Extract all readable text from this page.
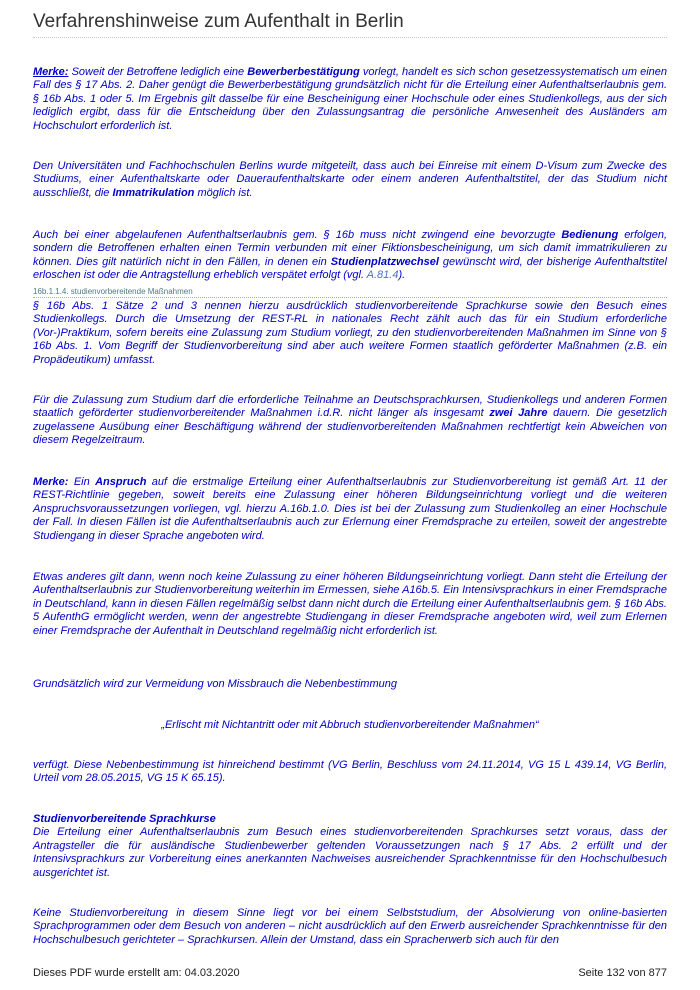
Verfahrenshinweise zum Aufenthalt in Berlin

Merke: Soweit der Betroffene lediglich eine Bewerberbestätigung vorlegt, handelt es sich schon gesetzessystematisch um einen Fall des § 17 Abs. 2. Daher genügt die Bewerberbestätigung grundsätzlich nicht für die Erteilung einer Aufenthaltserlaubnis gem. § 16b Abs. 1 oder 5. Im Ergebnis gilt dasselbe für eine Bescheinigung einer Hochschule oder eines Studienkollegs, aus der sich lediglich ergibt, dass für die Entscheidung über den Zulassungsantrag die persönliche Anwesenheit des Ausländers am Hochschulort erforderlich ist.

Den Universitäten und Fachhochschulen Berlins wurde mitgeteilt, dass auch bei Einreise mit einem D-Visum zum Zwecke des Studiums, einer Aufenthaltskarte oder Daueraufenthaltskarte oder einem anderen Aufenthaltstitel, der das Studium nicht ausschließt, die Immatrikulation möglich ist.

Auch bei einer abgelaufenen Aufenthaltserlaubnis gem. § 16b muss nicht zwingend eine bevorzugte Bedienung erfolgen, sondern die Betroffenen erhalten einen Termin verbunden mit einer Fiktionsbescheinigung, um sich damit immatrikulieren zu können. Dies gilt natürlich nicht in den Fällen, in denen ein Studienplatzwechsel gewünscht wird, der bisherige Aufenthaltstitel erloschen ist oder die Antragstellung erheblich verspätet erfolgt (vgl. A.81.4).

16b.1.1.4. studienvorbereitende Maßnahmen

§ 16b Abs. 1 Sätze 2 und 3 nennen hierzu ausdrücklich studienvorbereitende Sprachkurse sowie den Besuch eines Studienkollegs. Durch die Umsetzung der REST-RL in nationales Recht zählt auch das für ein Studium erforderliche (Vor-)Praktikum, sofern bereits eine Zulassung zum Studium vorliegt, zu den studienvorbereitenden Maßnahmen im Sinne von § 16b Abs. 1. Vom Begriff der Studienvorbereitung sind aber auch weitere Formen staatlich geförderter Maßnahmen (z.B. ein Propädeutikum) umfasst.

Für die Zulassung zum Studium darf die erforderliche Teilnahme an Deutschsprachkursen, Studienkollegs und anderen Formen staatlich geförderter studienvorbereitender Maßnahmen i.d.R. nicht länger als insgesamt zwei Jahre dauern. Die gesetzlich zugelassene Ausübung einer Beschäftigung während der studienvorbereitenden Maßnahmen rechtfertigt kein Abweichen von diesem Regelzeitraum.

Merke: Ein Anspruch auf die erstmalige Erteilung einer Aufenthaltserlaubnis zur Studienvorbereitung ist gemäß Art. 11 der REST-Richtlinie gegeben, soweit bereits eine Zulassung einer höheren Bildungseinrichtung vorliegt und die weiteren Anspruchsvoraussetzungen vorliegen, vgl. hierzu A.16b.1.0. Dies ist bei der Zulassung zum Studienkolleg an einer Hochschule der Fall. In diesen Fällen ist die Aufenthaltserlaubnis auch zur Erlernung einer Fremdsprache zu erteilen, soweit der angestrebte Studiengang in dieser Sprache angeboten wird.

Etwas anderes gilt dann, wenn noch keine Zulassung zu einer höheren Bildungseinrichtung vorliegt. Dann steht die Erteilung der Aufenthaltserlaubnis zur Studienvorbereitung weiterhin im Ermessen, siehe A16b.5. Ein Intensivsprachkurs in einer Fremdsprache in Deutschland, kann in diesen Fällen regelmäßig selbst dann nicht durch die Erteilung einer Aufenthaltserlaubnis gem. § 16b Abs. 5 AufenthG ermöglicht werden, wenn der angestrebte Studiengang in dieser Fremdsprache angeboten wird, weil zum Erlernen einer Fremdsprache der Aufenthalt in Deutschland regelmäßig nicht erforderlich ist.

Grundsätzlich wird zur Vermeidung von Missbrauch die Nebenbestimmung

„Erlischt mit Nichtantritt oder mit Abbruch studienvorbereitender Maßnahmen“

verfügt. Diese Nebenbestimmung ist hinreichend bestimmt (VG Berlin, Beschluss vom 24.11.2014, VG 15 L 439.14, VG Berlin, Urteil vom 28.05.2015, VG 15 K 65.15).

Studienvorbereitende Sprachkurse
Die Erteilung einer Aufenthaltserlaubnis zum Besuch eines studienvorbereitenden Sprachkurses setzt voraus, dass der Antragsteller die für ausländische Studienbewerber geltenden Voraussetzungen nach § 17 Abs. 2 erfüllt und der Intensivsprachkurs zur Vorbereitung eines anerkannten Nachweises ausreichender Sprachkenntnisse für den Hochschulbesuch ausgerichtet ist.

Keine Studienvorbereitung in diesem Sinne liegt vor bei einem Selbststudium, der Absolvierung von online-basierten Sprachprogrammen oder dem Besuch von anderen – nicht ausdrücklich auf den Erwerb ausreichender Sprachkenntnisse für den Hochschulbesuch gerichteter – Sprachkursen. Allein der Umstand, dass ein Spracherwerb sich auch für den

Dieses PDF wurde erstellt am: 04.03.2020	Seite 132 von 877
